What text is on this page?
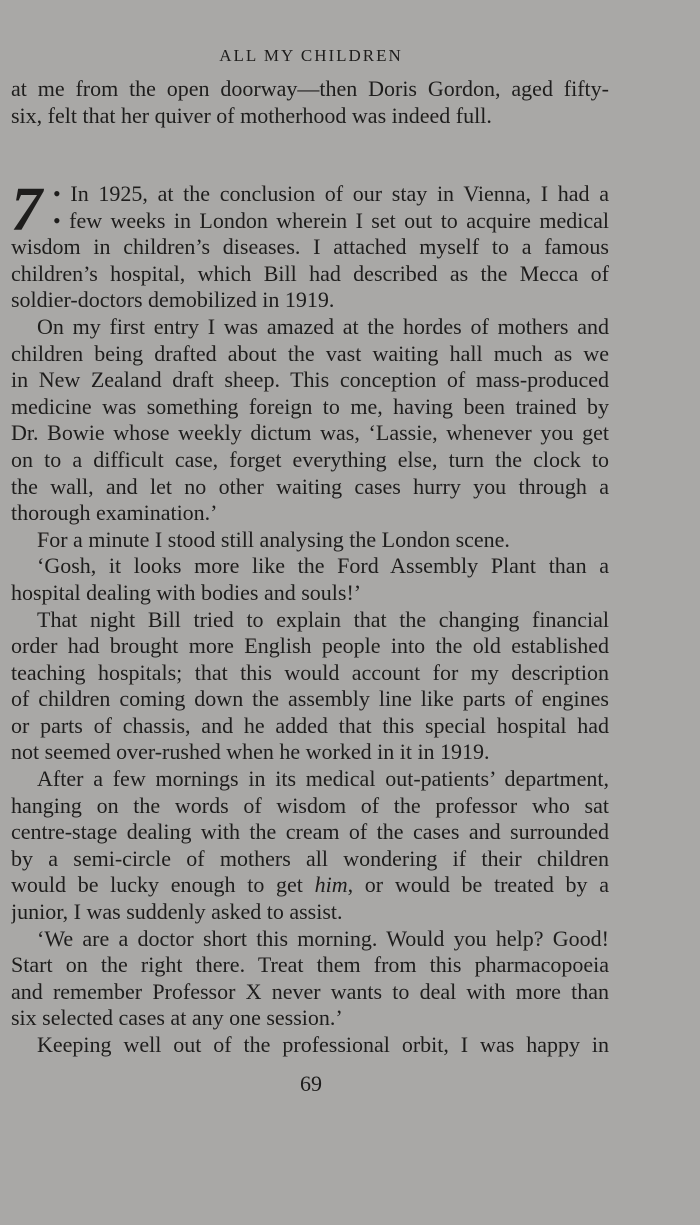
ALL MY CHILDREN
at me from the open doorway—then Doris Gordon, aged fifty-
six, felt that her quiver of motherhood was indeed full.
7 • In 1925, at the conclusion of our stay in Vienna, I had a
• few weeks in London wherein I set out to acquire medical
wisdom in children’s diseases. I attached myself to a famous
children’s hospital, which Bill had described as the Mecca of
soldier-doctors demobilized in 1919.
On my first entry I was amazed at the hordes of mothers and
children being drafted about the vast waiting hall much as we
in New Zealand draft sheep. This conception of mass-produced
medicine was something foreign to me, having been trained by
Dr. Bowie whose weekly dictum was, ‘Lassie, whenever you get
on to a difficult case, forget everything else, turn the clock to
the wall, and let no other waiting cases hurry you through a
thorough examination.’
For a minute I stood still analysing the London scene.
‘Gosh, it looks more like the Ford Assembly Plant than a
hospital dealing with bodies and souls!’
That night Bill tried to explain that the changing financial
order had brought more English people into the old established
teaching hospitals; that this would account for my description
of children coming down the assembly line like parts of engines
or parts of chassis, and he added that this special hospital had
not seemed over-rushed when he worked in it in 1919.
After a few mornings in its medical out-patients’ department,
hanging on the words of wisdom of the professor who sat
centre-stage dealing with the cream of the cases and surrounded
by a semi-circle of mothers all wondering if their children
would be lucky enough to get him, or would be treated by a
junior, I was suddenly asked to assist.
‘We are a doctor short this morning. Would you help? Good!
Start on the right there. Treat them from this pharmacopoeia
and remember Professor X never wants to deal with more than
six selected cases at any one session.’
Keeping well out of the professional orbit, I was happy in
69
